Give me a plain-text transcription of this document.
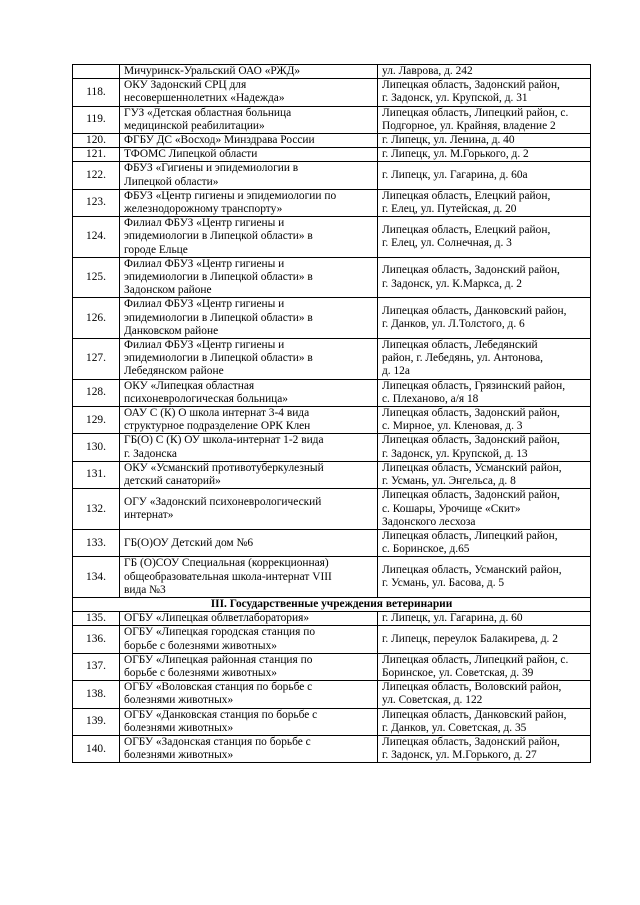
	Мичуринск-Уральский ОАО «РЖД»	ул. Лаврова, д. 242
118.	ОКУ Задонский СРЦ для
несовершеннолетних «Надежда»	Липецкая область, Задонский район,
г. Задонск, ул. Крупской, д. 31
119.	ГУЗ «Детская областная больница
медицинской реабилитации»	Липецкая область, Липецкий район, с.
Подгорное, ул. Крайняя, владение 2
120.	ФГБУ ДС «Восход» Минздрава России	г. Липецк, ул. Ленина, д. 40
121.	ТФОМС Липецкой области	г. Липецк, ул. М.Горького, д. 2
122.	ФБУЗ «Гигиены и эпидемиологии в
Липецкой области»	г. Липецк, ул. Гагарина, д. 60а
123.	ФБУЗ «Центр гигиены и эпидемиологии по
железнодорожному транспорту»	Липецкая область, Елецкий район,
г. Елец, ул. Путейская, д. 20
124.	Филиал ФБУЗ «Центр гигиены и
эпидемиологии в Липецкой области» в
городе Ельце	Липецкая область, Елецкий район,
г. Елец, ул. Солнечная, д. 3
125.	Филиал ФБУЗ «Центр гигиены и
эпидемиологии в Липецкой области» в
Задонском районе	Липецкая область, Задонский район,
г. Задонск, ул. К.Маркса, д. 2
126.	Филиал ФБУЗ «Центр гигиены и
эпидемиологии в Липецкой области» в
Данковском районе	Липецкая область, Данковский район,
г. Данков, ул. Л.Толстого, д. 6
127.	Филиал ФБУЗ «Центр гигиены и
эпидемиологии в Липецкой области» в
Лебедянском районе	Липецкая область, Лебедянский
район, г. Лебедянь, ул. Антонова,
д. 12а
128.	ОКУ «Липецкая областная
психоневрологическая больница»	Липецкая область, Грязинский район,
с. Плеханово, а/я 18
129.	ОАУ С (К) О школа интернат 3-4 вида
структурное подразделение ОРК Клен	Липецкая область, Задонский район,
с. Мирное, ул. Кленовая, д. 3
130.	ГБ(О) С (К) ОУ школа-интернат 1-2 вида
г. Задонска	Липецкая область, Задонский район,
г. Задонск, ул. Крупской, д. 13
131.	ОКУ «Усманский противотуберкулезный
детский санаторий»	Липецкая область, Усманский район,
г. Усмань, ул. Энгельса, д. 8
132.	ОГУ «Задонский психоневрологический
интернат»	Липецкая область, Задонский район,
с. Кошары, Урочище «Скит»
Задонского лесхоза
133.	ГБ(О)ОУ Детский дом №6	Липецкая область, Липецкий район,
с. Боринское, д.65
134.	ГБ (О)СОУ Специальная (коррекционная)
общеобразовательная школа-интернат VIII
вида №3	Липецкая область, Усманский район,
г. Усмань, ул. Басова, д. 5
III. Государственные учреждения ветеринарии		
135.	ОГБУ «Липецкая облветлаборатория»	г. Липецк, ул. Гагарина, д. 60
136.	ОГБУ «Липецкая городская станция по
борьбе с болезнями животных»	г. Липецк, переулок Балакирева, д. 2
137.	ОГБУ «Липецкая районная станция по
борьбе с болезнями животных»	Липецкая область, Липецкий район, с.
Боринское, ул. Советская, д. 39
138.	ОГБУ «Воловская станция по борьбе с
болезнями животных»	Липецкая область, Воловский район,
ул. Советская, д. 122
139.	ОГБУ «Данковская станция по борьбе с
болезнями животных»	Липецкая область, Данковский район,
г. Данков, ул. Советская, д. 35
140.	ОГБУ «Задонская станция по борьбе с
болезнями животных»	Липецкая область, Задонский район,
г. Задонск, ул. М.Горького, д. 27
